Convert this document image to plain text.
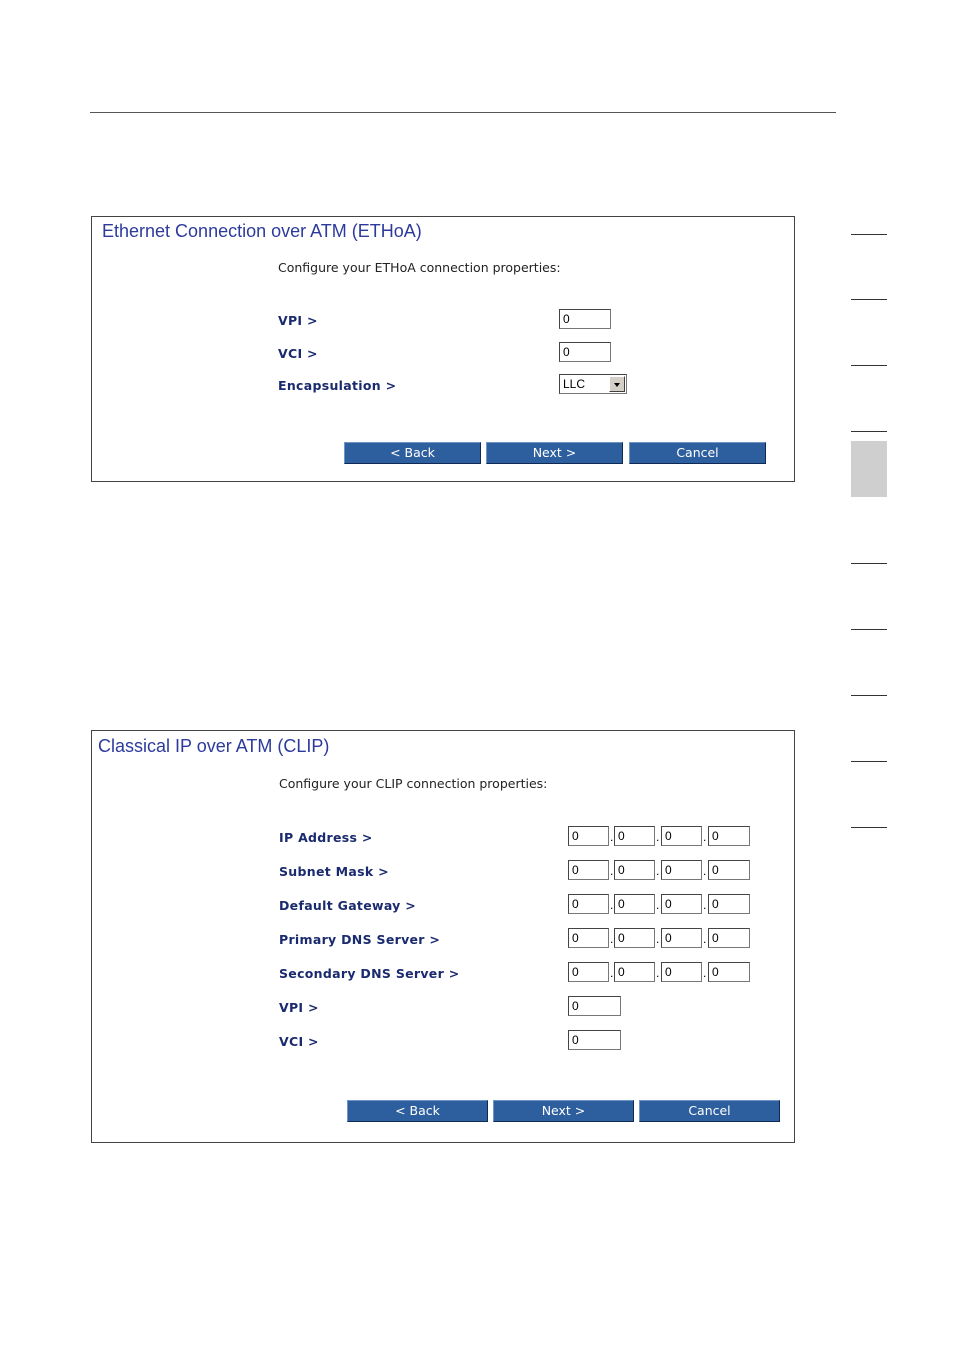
Ethernet Connection over ATM (ETHoA)
Configure your ETHoA connection properties:
VPI >	0
VCI >	0
Encapsulation >	LLC
< Back	Next >	Cancel
Classical IP over ATM (CLIP)
Configure your CLIP connection properties:
IP Address >	0	. 0	. 0	. 0
Subnet Mask >	0	. 0	. 0	. 0
Default Gateway >	0	. 0	. 0	. 0
Primary DNS Server >	0	. 0	. 0	. 0
Secondary DNS Server >	0	. 0	. 0	. 0
VPI >	0
VCI >	0
< Back	Next >	Cancel
